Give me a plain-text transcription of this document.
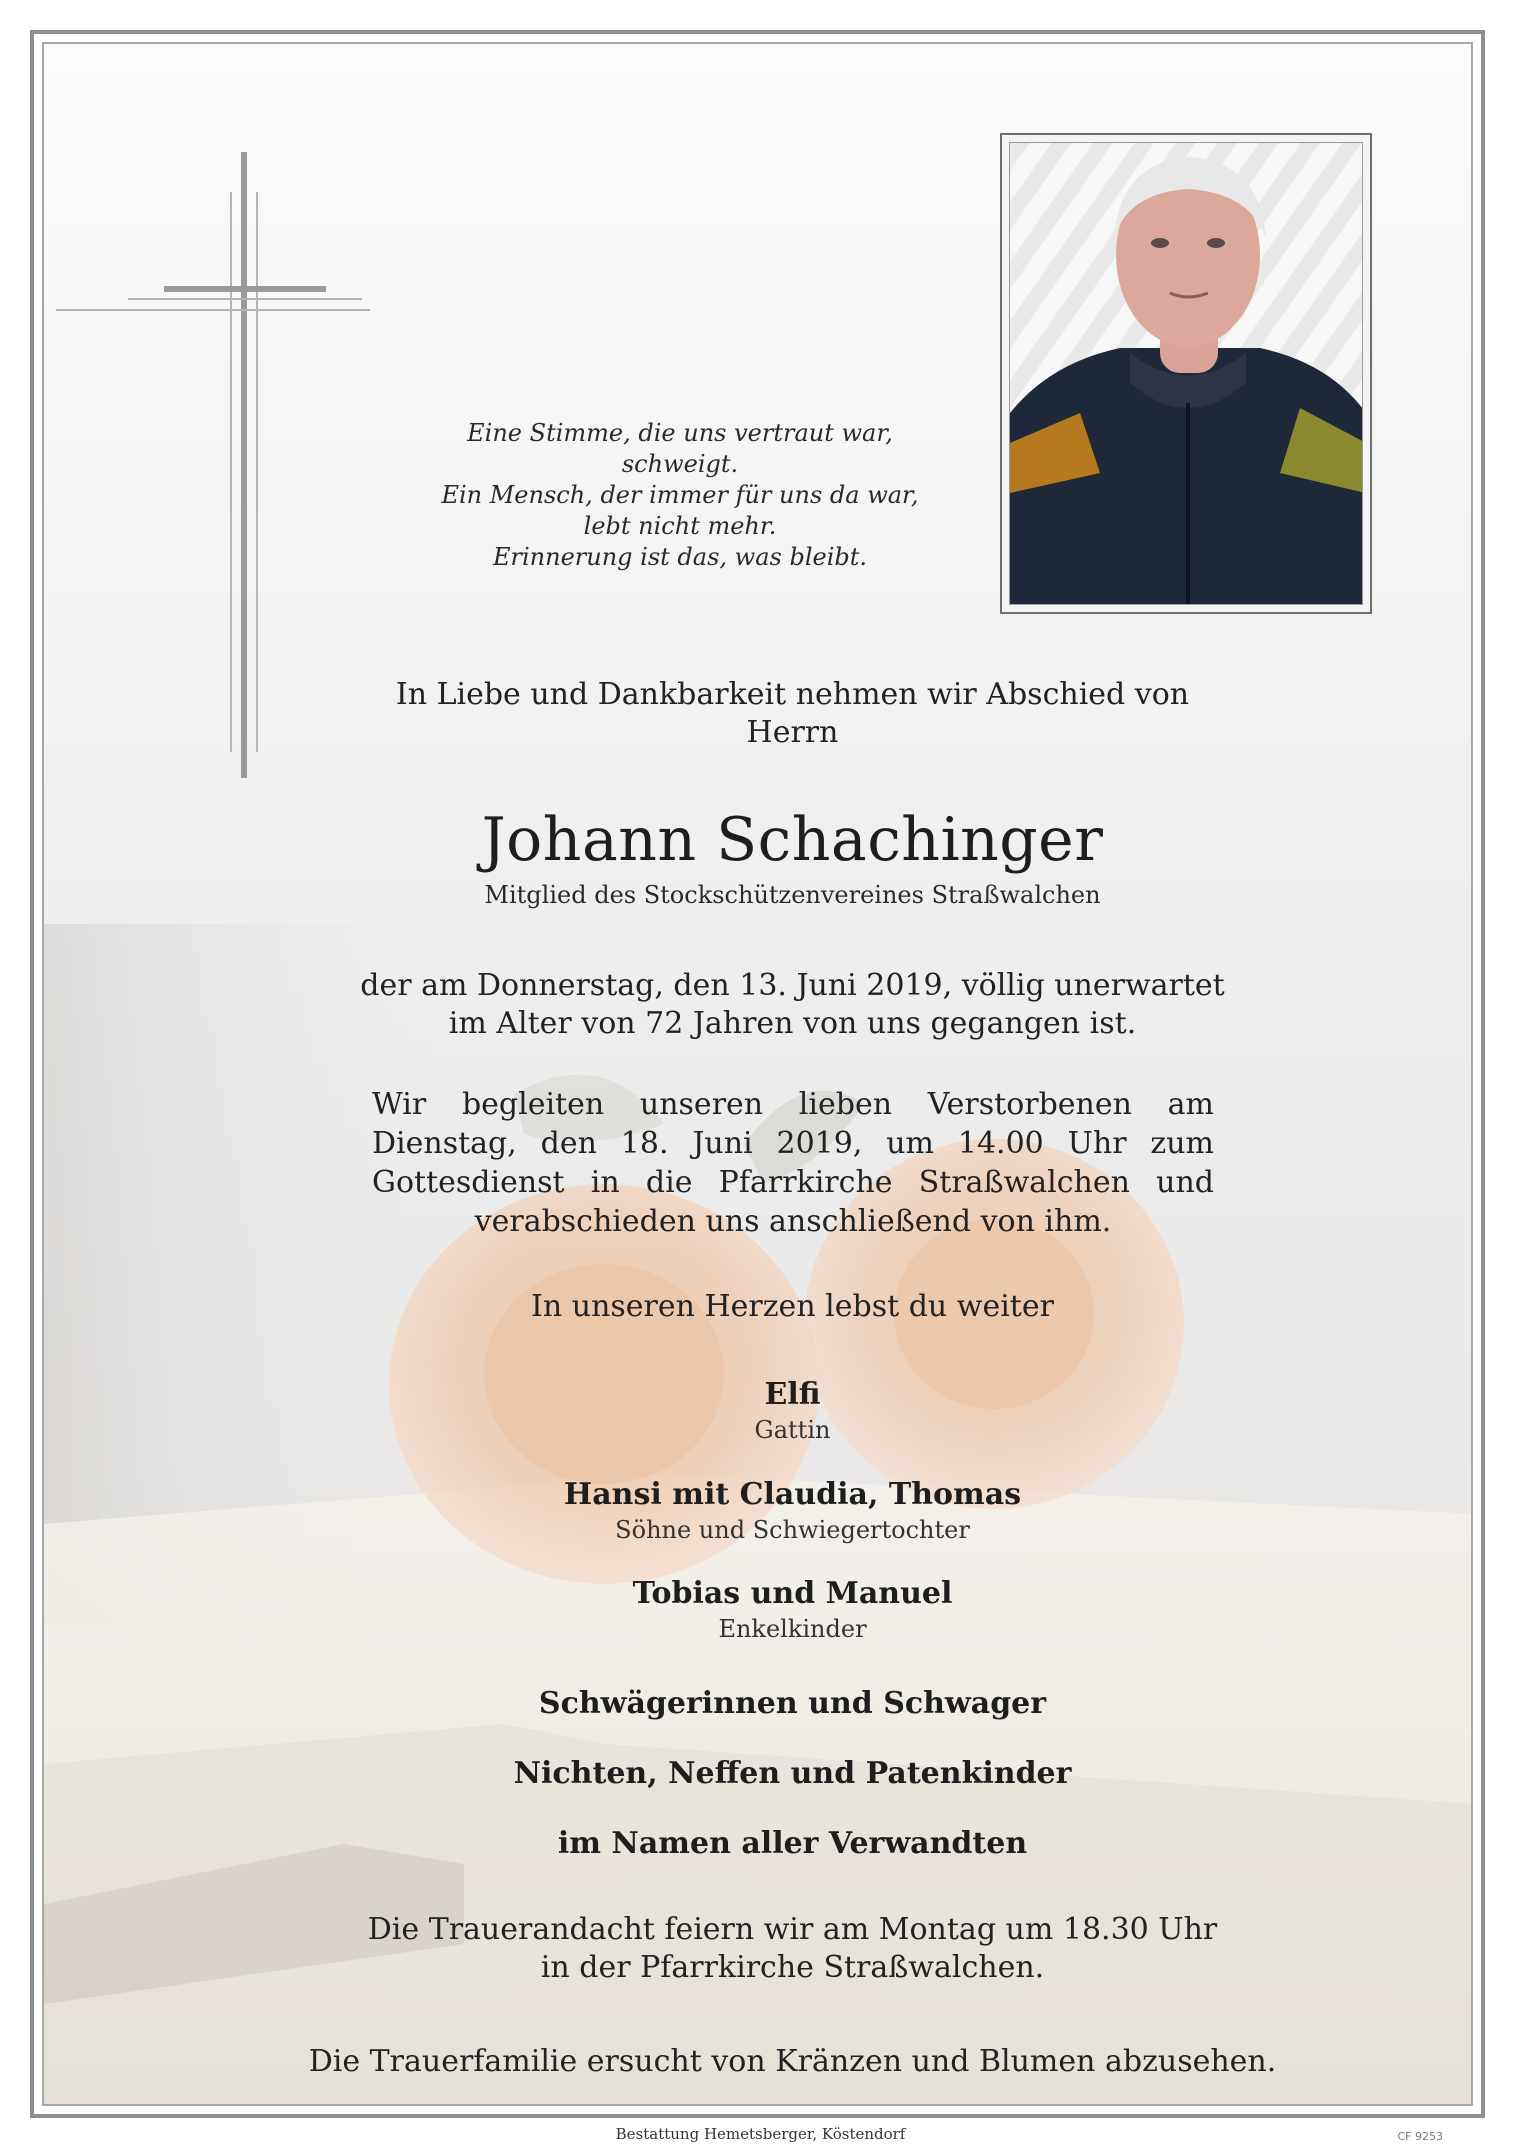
Eine Stimme, die uns vertraut war,
schweigt.
Ein Mensch, der immer für uns da war,
lebt nicht mehr.
Erinnerung ist das, was bleibt.
In Liebe und Dankbarkeit nehmen wir Abschied von
Herrn
Johann Schachinger
Mitglied des Stockschützenvereines Straßwalchen
der am Donnerstag, den 13. Juni 2019, völlig unerwartet
im Alter von 72 Jahren von uns gegangen ist.
Wir begleiten unseren lieben Verstorbenen am Dienstag, den 18. Juni 2019, um 14.00 Uhr zum Gottesdienst in die Pfarrkirche Straßwalchen und verabschieden uns anschließend von ihm.
In unseren Herzen lebst du weiter
Elfi
Gattin
Hansi mit Claudia, Thomas
Söhne und Schwiegertochter
Tobias und Manuel
Enkelkinder
Schwägerinnen und Schwager
Nichten, Neffen und Patenkinder
im Namen aller Verwandten
Die Trauerandacht feiern wir am Montag um 18.30 Uhr
in der Pfarrkirche Straßwalchen.
Die Trauerfamilie ersucht von Kränzen und Blumen abzusehen.
Bestattung Hemetsberger, Köstendorf	CF 9253
